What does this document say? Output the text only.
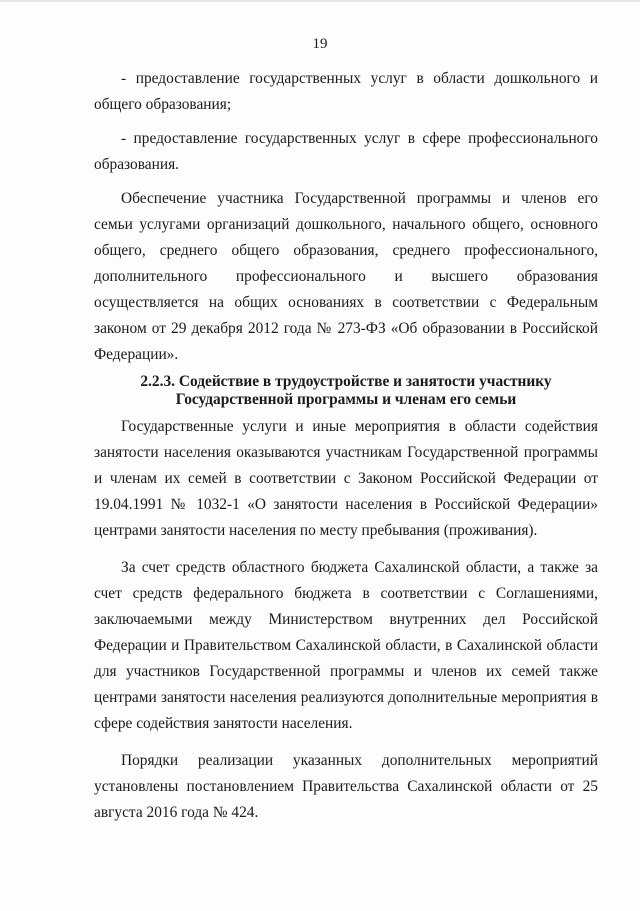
19

- предоставление государственных услуг в области дошкольного и общего образования;

- предоставление государственных услуг в сфере профессионального образования.

Обеспечение участника Государственной программы и членов его семьи услугами организаций дошкольного, начального общего, основного общего, среднего общего образования, среднего профессионального, дополнительного профессионального и высшего образования осуществляется на общих основаниях в соответствии с Федеральным законом от 29 декабря 2012 года № 273-ФЗ «Об образовании в Российской Федерации».

2.2.3. Содействие в трудоустройстве и занятости участнику
Государственной программы и членам его семьи

Государственные услуги и иные мероприятия в области содействия занятости населения оказываются участникам Государственной программы и членам их семей в соответствии с Законом Российской Федерации от 19.04.1991 № 1032-1 «О занятости населения в Российской Федерации» центрами занятости населения по месту пребывания (проживания).

За счет средств областного бюджета Сахалинской области, а также за счет средств федерального бюджета в соответствии с Соглашениями, заключаемыми между Министерством внутренних дел Российской Федерации и Правительством Сахалинской области, в Сахалинской области для участников Государственной программы и членов их семей также центрами занятости населения реализуются дополнительные мероприятия в сфере содействия занятости населения.

Порядки реализации указанных дополнительных мероприятий установлены постановлением Правительства Сахалинской области от 25 августа 2016 года № 424.
